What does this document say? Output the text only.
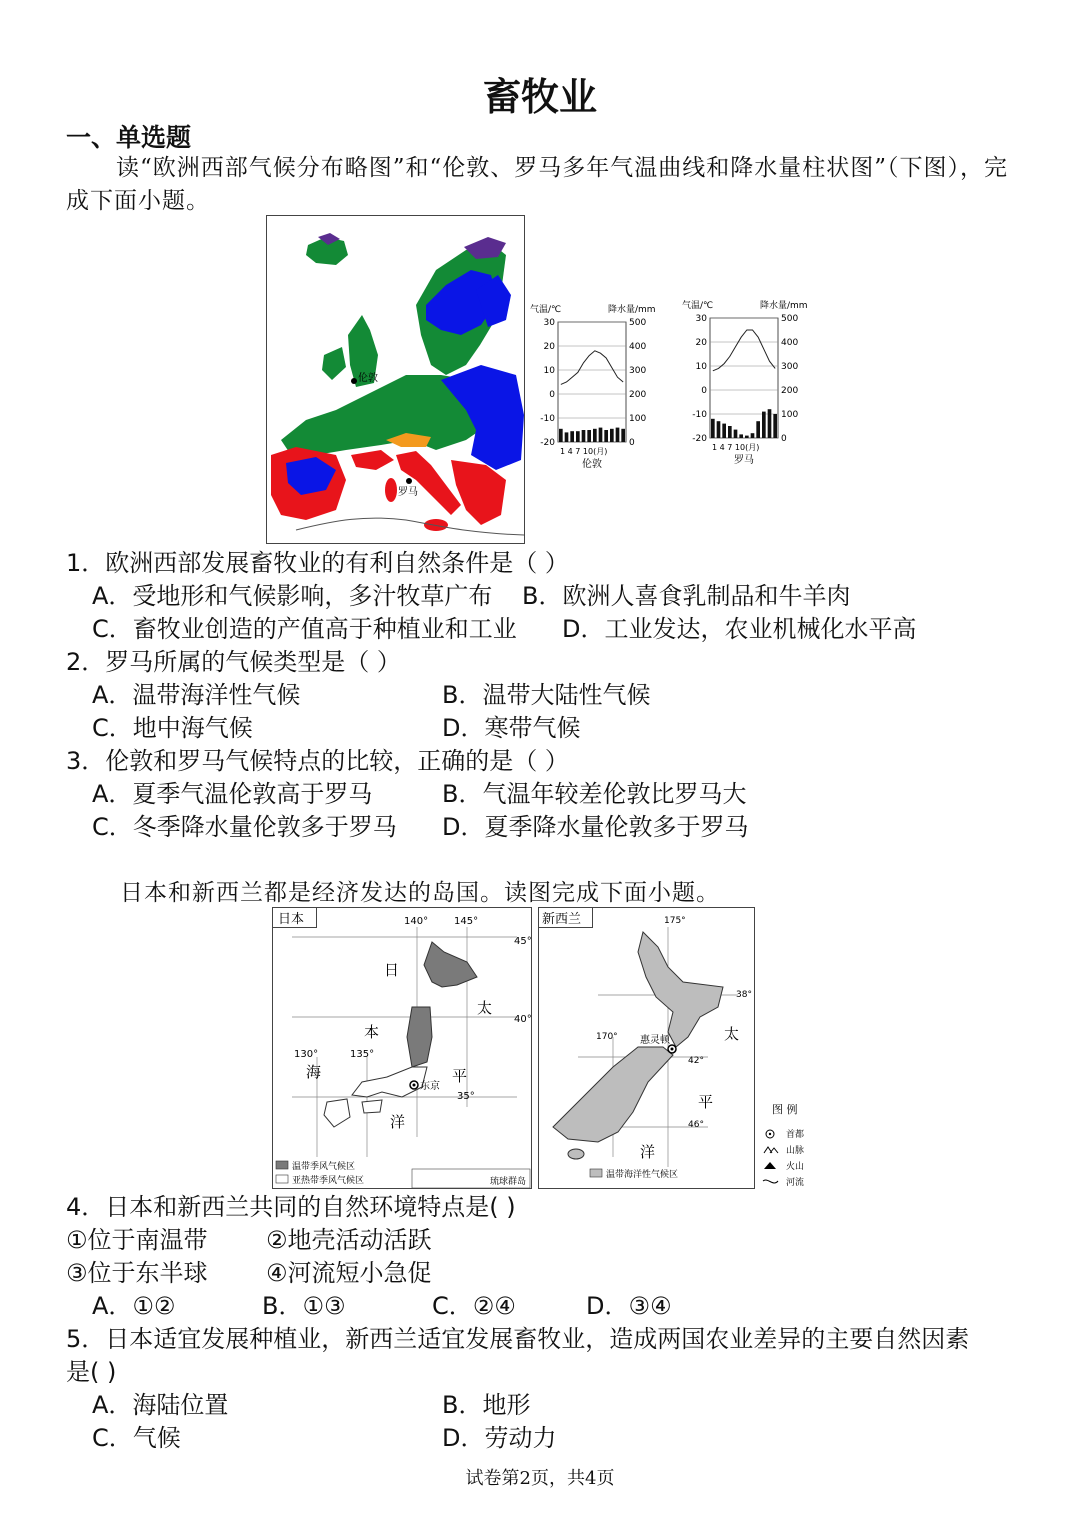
畜牧业
一、单选题
读“欧洲西部气候分布略图”和“伦敦、罗马多年气温曲线和降水量柱状图”（下图），完成下面小题。
伦敦
罗马
气温/℃	降水量/mm
30
20
10
0
-10
-20
500
400
300
200
100
0
1 4 7 10(月)
伦敦
气温/℃	降水量/mm
30
20
10
0
-10
-20
500
400
300
200
100
0
1 4 7 10(月)
罗马
1．欧洲西部发展畜牧业的有利自然条件是（ ）
A．受地形和气候影响，多汁牧草广布 B．欧洲人喜食乳制品和牛羊肉
C．畜牧业创造的产值高于种植业和工业 D．工业发达，农业机械化水平高
2．罗马所属的气候类型是（ ）
A．温带海洋性气候	B．温带大陆性气候
C．地中海气候	D．寒带气候
3．伦敦和罗马气候特点的比较，正确的是（ ）
A．夏季气温伦敦高于罗马	B．气温年较差伦敦比罗马大
C．冬季降水量伦敦多于罗马 D．夏季降水量伦敦多于罗马
日本和新西兰都是经济发达的岛国。读图完成下面小题。
日本	140°	145°
45°
40°
35°
130°	135°
东京
日
本
海
太
平
洋
温带季风气候区
亚热带季风气候区	琉球群岛
新西兰	175°
170°
38°
42°
46°
惠灵顿	太
平
洋
温带海洋性气候区
图 例
首都
山脉
火山
河流
4．日本和新西兰共同的自然环境特点是( )
①位于南温带 ②地壳活动活跃
③位于东半球 ④河流短小急促
A．①②	B．①③	C．②④	D．③④
5．日本适宜发展种植业，新西兰适宜发展畜牧业，造成两国农业差异的主要自然因素
是( )
A．海陆位置	B．地形
C．气候	D．劳动力
试卷第2页，共4页
